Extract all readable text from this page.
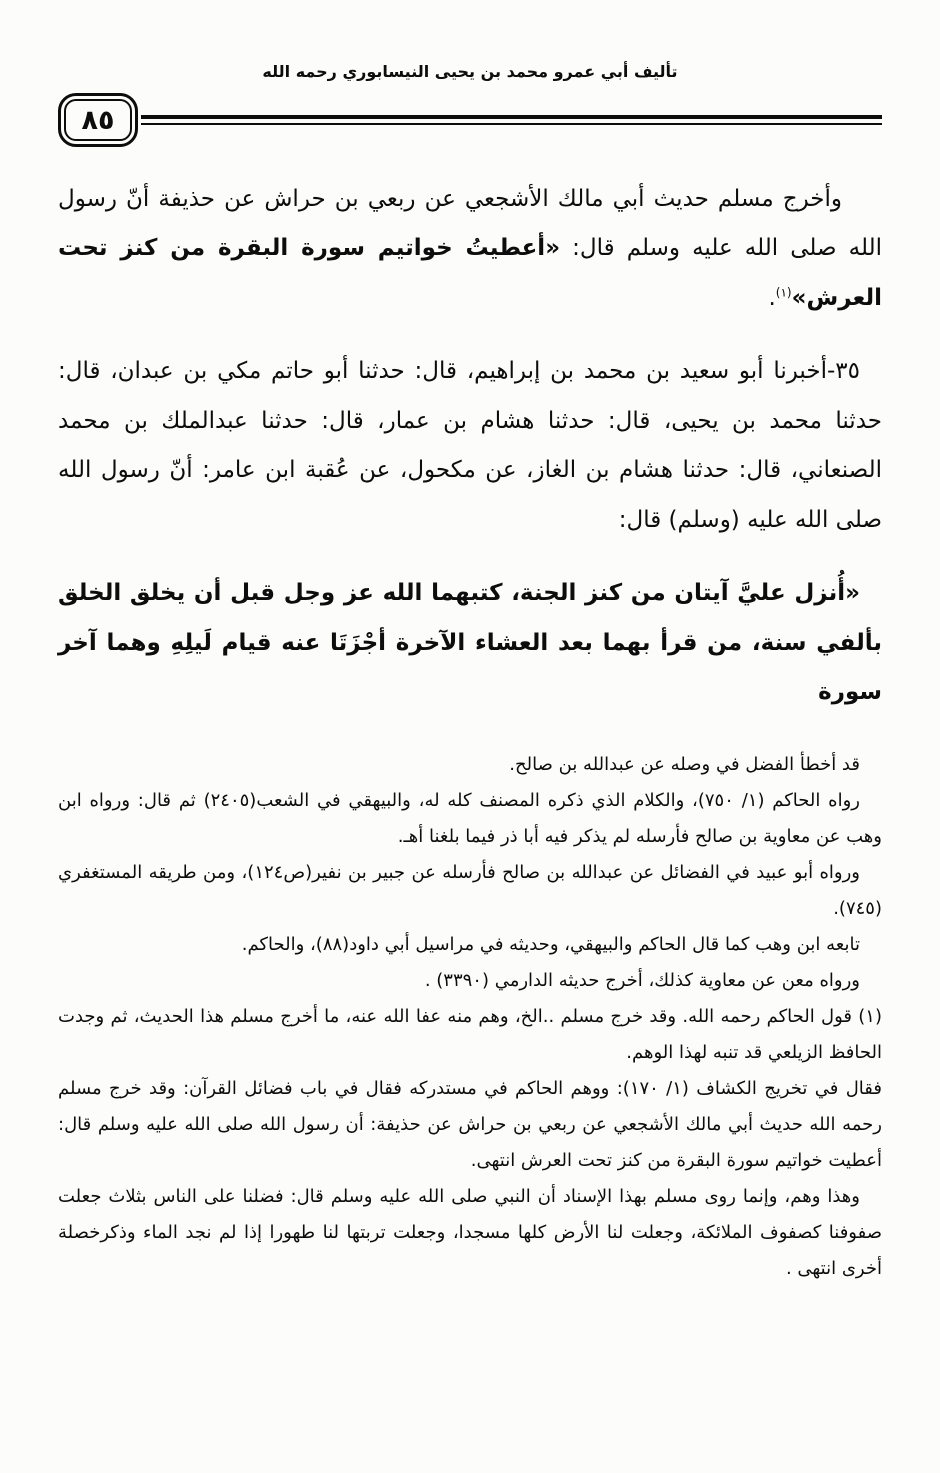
تأليف أبي عمرو محمد بن يحيى النيسابوري رحمه الله
٨٥

وأخرج مسلم حديث أبي مالك الأشجعي عن ربعي بن حراش عن حذيفة أنّ رسول الله صلى الله عليه وسلم قال: «أعطيتُ خواتيم سورة البقرة من كنز تحت العرش»$^{(١)}$.

٣٥-أخبرنا أبو سعيد بن محمد بن إبراهيم، قال: حدثنا أبو حاتم مكي بن عبدان، قال: حدثنا محمد بن يحيى، قال: حدثنا هشام بن عمار، قال: حدثنا عبدالملك بن محمد الصنعاني، قال: حدثنا هشام بن الغاز، عن مكحول، عن عُقبة ابن عامر: أنّ رسول الله صلى الله عليه (وسلم) قال:

«أُنزل عليَّ آيتان من كنز الجنة، كتبهما الله عز وجل قبل أن يخلق الخلق بألفي سنة، من قرأ بهما بعد العشاء الآخرة أجْزَتَا عنه قيام لَيلِهِ وهما آخر سورة

قد أخطأ الفضل في وصله عن عبدالله بن صالح.

رواه الحاكم (١/ ٧٥٠)، والكلام الذي ذكره المصنف كله له، والبيهقي في الشعب(٢٤٠٥) ثم قال: ورواه ابن وهب عن معاوية بن صالح فأرسله لم يذكر فيه أبا ذر فيما بلغنا أهـ.

ورواه أبو عبيد في الفضائل عن عبدالله بن صالح فأرسله عن جبير بن نفير(ص١٢٤)، ومن طريقه المستغفري (٧٤٥).

تابعه ابن وهب كما قال الحاكم والبيهقي، وحديثه في مراسيل أبي داود(٨٨)، والحاكم.

ورواه معن عن معاوية كذلك، أخرج حديثه الدارمي (٣٣٩٠) .

(١) قول الحاكم رحمه الله. وقد خرج مسلم ..الخ، وهم منه عفا الله عنه، ما أخرج مسلم هذا الحديث، ثم وجدت الحافظ الزيلعي قد تنبه لهذا الوهم.

فقال في تخريج الكشاف (١/ ١٧٠): ووهم الحاكم في مستدركه فقال في باب فضائل القرآن: وقد خرج مسلم رحمه الله حديث أبي مالك الأشجعي عن ربعي بن حراش عن حذيفة: أن رسول الله صلى الله عليه وسلم قال: أعطيت خواتيم سورة البقرة من كنز تحت العرش انتهى.

وهذا وهم، وإنما روى مسلم بهذا الإسناد أن النبي صلى الله عليه وسلم قال: فضلنا على الناس بثلاث جعلت صفوفنا كصفوف الملائكة، وجعلت لنا الأرض كلها مسجدا، وجعلت تربتها لنا طهورا إذا لم نجد الماء وذكرخصلة أخرى انتهى .
